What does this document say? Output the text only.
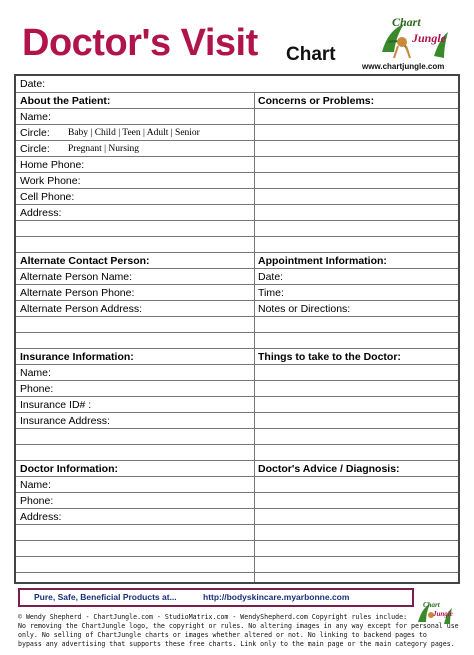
Doctor's Visit Chart
Chart
Jungle
www.chartjungle.com
Date:
About the Patient:	Concerns or Problems:
Name:
Circle: Baby | Child | Teen | Adult | Senior
Circle: Pregnant | Nursing
Home Phone:
Work Phone:
Cell Phone:
Address:
Alternate Contact Person:	Appointment Information:
Alternate Person Name:	Date:
Alternate Person Phone:	Time:
Alternate Person Address:	Notes or Directions:
Insurance Information:	Things to take to the Doctor:
Name:
Phone:
Insurance ID# :
Insurance Address:
Doctor Information:	Doctor's Advice / Diagnosis:
Name:
Phone:
Address:
Pure, Safe, Beneficial Products at...	http://bodyskincare.myarbonne.com
Chart
Jungle
© Wendy Shepherd - ChartJungle.com - StudioMatrix.com - WendyShepherd.com Copyright rules include:
No removing the ChartJungle logo, the copyright or rules. No altering images in any way except for personal use
only. No selling of ChartJungle charts or images whether altered or not. No linking to backend pages to
bypass any advertising that supports these free charts. Link only to the main page or the main category pages.
